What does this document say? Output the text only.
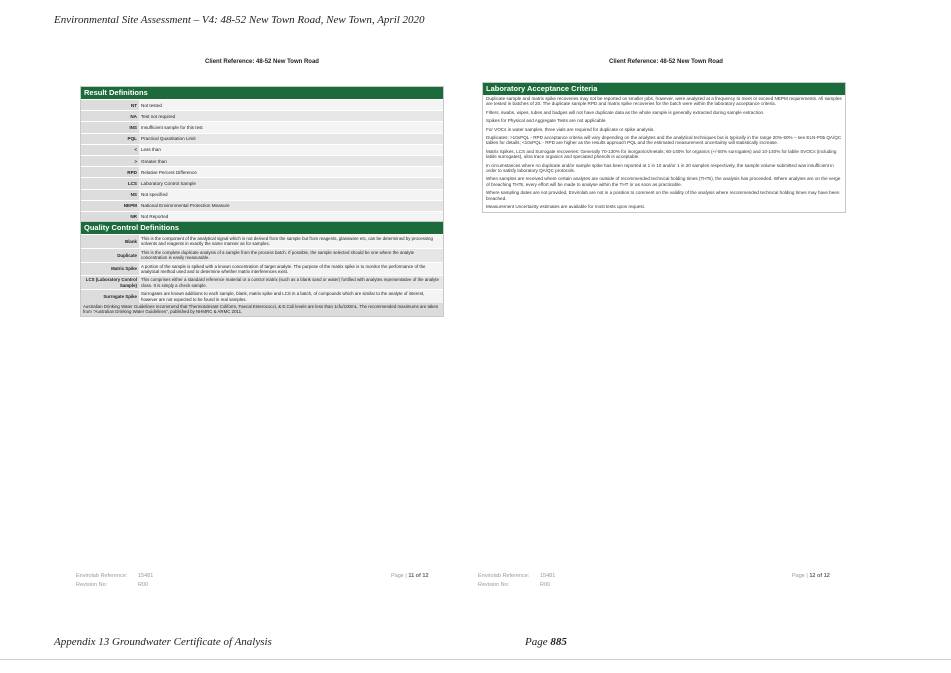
Environmental Site Assessment – V4: 48-52 New Town Road, New Town, April 2020
Client Reference: 48-52 New Town Road
Result Definitions
NT	Not tested
NA	Test not required
INS	Insufficient sample for this test
PQL	Practical Quantitation Limit
<	Less than
>	Greater than
RPD	Relative Percent Difference
LCS	Laboratory Control Sample
NS	Not specified
NEPM	National Environmental Protection Measure
NR	Not Reported
Quality Control Definitions
Blank	This is the component of the analytical signal which is not derived from the sample but from reagents, glassware etc, can be determined by processing solvents and reagents in exactly the same manner as for samples.
Duplicate	This is the complete duplicate analysis of a sample from the process batch. If possible, the sample selected should be one where the analyte concentration is easily measurable.
Matrix Spike	A portion of the sample is spiked with a known concentration of target analyte. The purpose of the matrix spike is to monitor the performance of the analytical method used and to determine whether matrix interferences exist.
LCS (Laboratory Control Sample)	This comprises either a standard reference material or a control matrix (such as a blank sand or water) fortified with analytes representative of the analyte class. It is simply a check sample.
Surrogate Spike	Surrogates are known additions to each sample, blank, matrix spike and LCS in a batch, of compounds which are similar to the analyte of interest, however are not expected to be found in real samples.
Australian Drinking Water Guidelines recommend that Thermotolerant Coliform, Faecal Enterococci, & E.Coli levels are less than 1cfu/100mL. The recommended maximums are taken from "Australian Drinking Water Guidelines", published by NHMRC & ARMC 2011.
Envirolab Reference: 15481
Revision No:	R00
Page | 11 of 12
Client Reference: 48-52 New Town Road
Laboratory Acceptance Criteria
Duplicate sample and matrix spike recoveries may not be reported on smaller jobs, however, were analysed at a frequency to meet or exceed NEPM requirements. All samples are tested in batches of 20. The duplicate sample RPD and matrix spike recoveries for the batch were within the laboratory acceptance criteria.
Filters, swabs, wipes, tubes and badges will not have duplicate data as the whole sample is generally extracted during sample extraction.
Spikes for Physical and Aggregate Tests are not applicable.
For VOCs in water samples, three vials are required for duplicate or spike analysis.
Duplicates: >10xPQL - RPD acceptance criteria will vary depending on the analytes and the analytical techniques but is typically in the range 20%-50% – see ELN-P05 QA/QC tables for details; <10xPQL - RPD are higher as the results approach PQL and the estimated measurement uncertainty will statistically increase.
Matrix Spikes, LCS and Surrogate recoveries: Generally 70-130% for inorganics/metals; 60-140% for organics (+/-50% surrogates) and 10-140% for labile SVOCs (including labile surrogates), ultra trace organics and speciated phenols is acceptable.
In circumstances where no duplicate and/or sample spike has been reported at 1 in 10 and/or 1 in 20 samples respectively, the sample volume submitted was insufficient in order to satisfy laboratory QA/QC protocols.
When samples are received where certain analytes are outside of recommended technical holding times (THTs), the analysis has proceeded. Where analytes are on the verge of breaching THTs, every effort will be made to analyse within the THT or as soon as practicable.
Where sampling dates are not provided, Envirolab are not in a position to comment on the validity of the analysis where recommended technical holding times may have been breached.
Measurement Uncertainty estimates are available for most tests upon request.
Envirolab Reference: 15481
Revision No:	R00
Page | 12 of 12
Appendix 13 Groundwater Certificate of Analysis	Page 885
